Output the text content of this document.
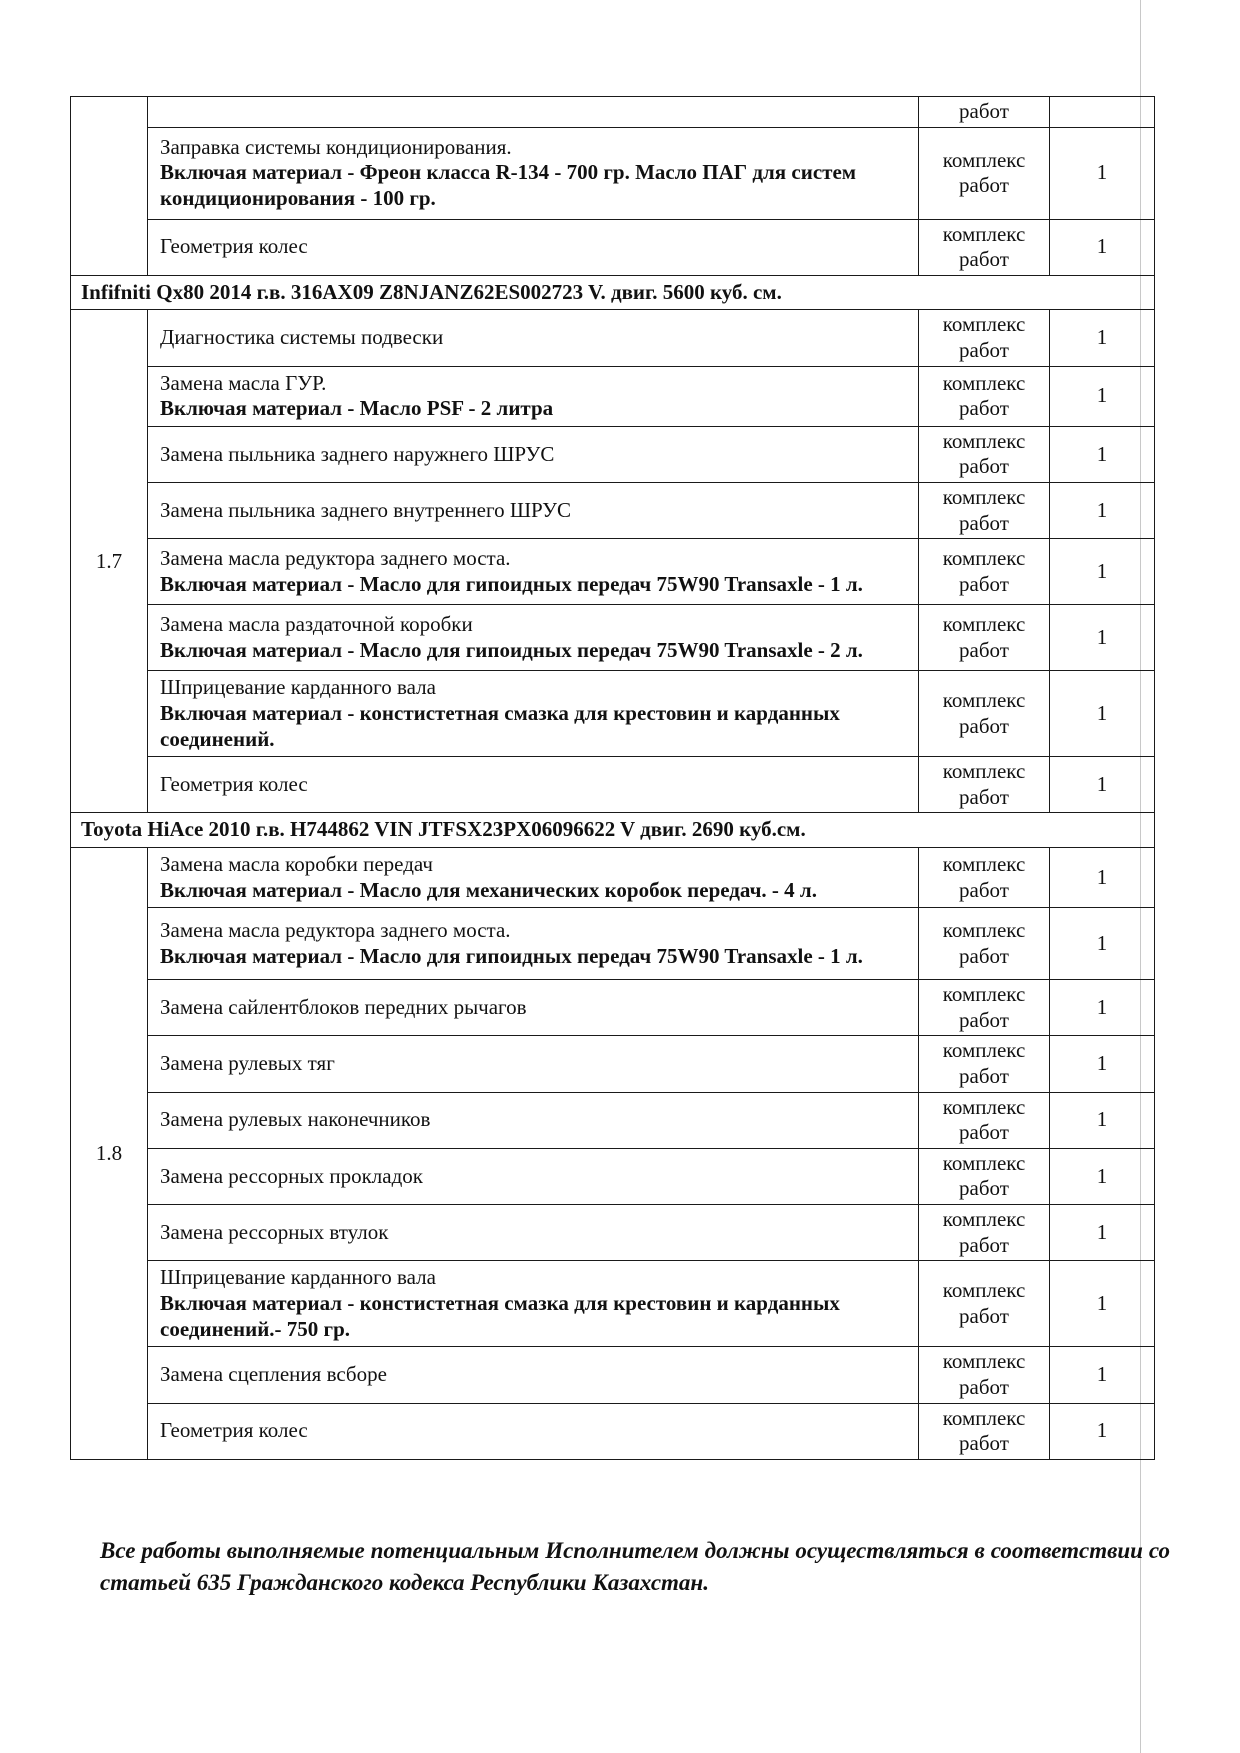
		работ	

	Заправка системы кондиционирования.
Включая материал - Фреон класса R-134 - 700 гр. Масло ПАГ для систем кондиционирования - 100 гр.	комплекс работ	1

	Геометрия колес	комплекс работ	1
Infifniti Qx80 2014 г.в. 316AX09 Z8NJANZ62ES002723 V. двиг. 5600 куб. см.			
1.7	Диагностика системы подвески	комплекс работ	1

	Замена масла ГУР.
Включая материал - Масло PSF - 2 литра	комплекс работ	1

	Замена пыльника заднего наружнего ШРУС	комплекс работ	1

	Замена пыльника заднего внутреннего ШРУС	комплекс работ	1

	Замена масла редуктора заднего моста.
Включая материал - Масло для гипоидных передач 75W90 Transaxle - 1 л.	комплекс работ	1

	Замена масла раздаточной коробки
Включая материал - Масло для гипоидных передач 75W90 Transaxle - 2 л.	комплекс работ	1

	Шприцевание карданного вала
Включая материал - констистетная смазка для крестовин и карданных соединений.	комплекс работ	1

	Геометрия колес	комплекс работ	1
Toyota HiAce 2010 г.в. H744862 VIN JTFSX23PX06096622 V двиг. 2690 куб.см.			
1.8	Замена масла коробки передач
Включая материал - Масло для механических коробок передач. - 4 л.	комплекс работ	1

	Замена масла редуктора заднего моста.
Включая материал - Масло для гипоидных передач 75W90 Transaxle - 1 л.	комплекс работ	1

	Замена сайлентблоков передних рычагов	комплекс работ	1

	Замена рулевых тяг	комплекс работ	1

	Замена рулевых наконечников	комплекс работ	1

	Замена рессорных прокладок	комплекс работ	1

	Замена рессорных втулок	комплекс работ	1

	Шприцевание карданного вала
Включая материал - констистетная смазка для крестовин и карданных соединений.- 750 гр.	комплекс работ	1

	Замена сцепления всборе	комплекс работ	1

	Геометрия колес	комплекс работ	1
Все работы выполняемые потенциальным Исполнителем должны осуществляться в соответствии со статьей 635 Гражданского кодекса Республики Казахстан.
